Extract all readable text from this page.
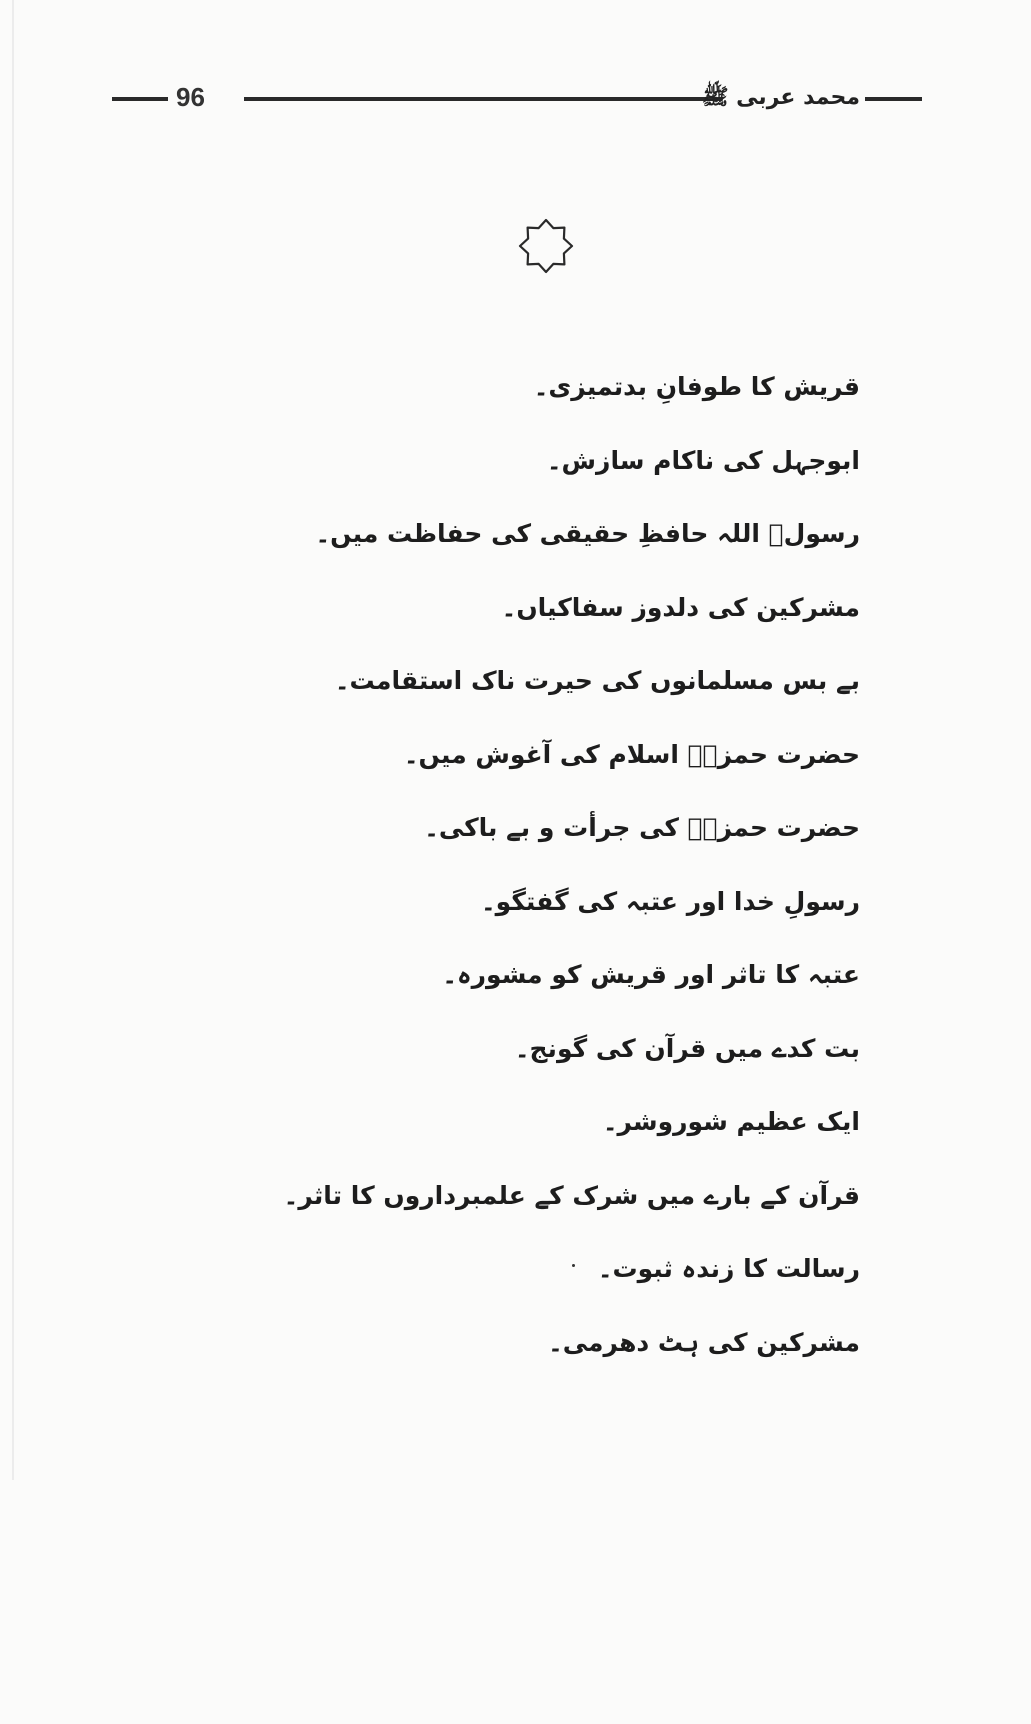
96	محمد عربی ﷺ
قریش کا طوفانِ بدتمیزی۔
ابوجہل کی ناکام سازش۔
رسولؐ اللہ حافظِ حقیقی کی حفاظت میں۔
مشرکین کی دلدوز سفاکیاں۔
بے بس مسلمانوں کی حیرت ناک استقامت۔
حضرت حمزہؓ اسلام کی آغوش میں۔
حضرت حمزہؓ کی جرأت و بے باکی۔
رسولِ خدا اور عتبہ کی گفتگو۔
عتبہ کا تاثر اور قریش کو مشورہ۔
بت کدے میں قرآن کی گونج۔
ایک عظیم شوروشر۔
قرآن کے بارے میں شرک کے علمبرداروں کا تاثر۔
رسالت کا زندہ ثبوت۔
مشرکین کی ہٹ دھرمی۔
